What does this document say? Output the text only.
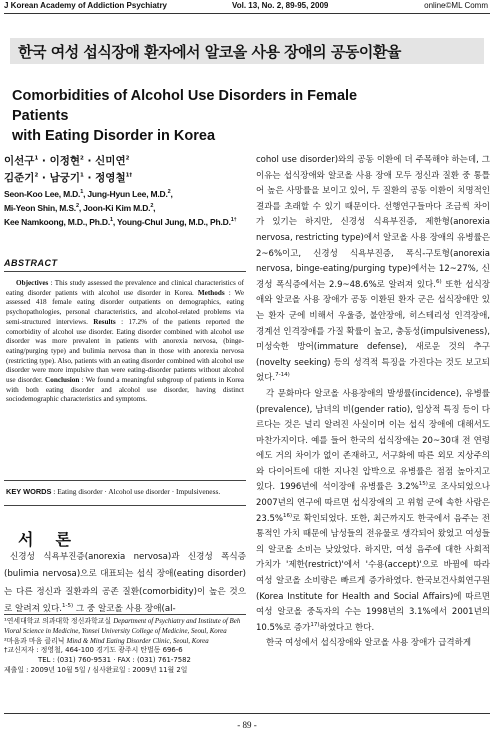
J Korean Academy of Addiction Psychiatry	Vol. 13, No. 2, 89-95, 2009	online©ML Comm
한국 여성 섭식장애 환자에서 알코올 사용 장애의 공동이환율
Comorbidities of Alcohol Use Disorders in Female Patients
with Eating Disorder in Korea
이선구$^1$ · 이정현$^2$ · 신미연$^2$
김준기$^2$ · 남궁기$^1$ · 정영철$^{1\dagger}$
Seon-Koo Lee, M.D.$^1$, Jung-Hyun Lee, M.D.$^2$,
Mi-Yeon Shin, M.S.$^2$, Joon-Ki Kim M.D.$^2$,
Kee Namkoong, M.D., Ph.D.$^1$, Young-Chul Jung, M.D., Ph.D.$^{1\dagger}$
ABSTRACT
Objectives : This study assessed the prevalence and clinical characteristics of eating disorder patients with alcohol use disorder in Korea. Methods : We assessed 418 female eating disorder outpatients on demographics, eating psychopathologies, personal characteristics, and alcohol-related problems via semi-structured interviews. Results : 17.2% of the patients reported the comorbidity of alcohol use disorder. Eating disorder combined with alcohol use disorder was more prevalent in patients with anorexia nervosa, (binge-eating/purging type) and bulimia nervosa than in those with anorexia nervosa (restricting type). Also, patients with an eating disorder combined with alcohol use disorder were more impulsive than were eating-disorder patients without alcohol use disorder. Conclusion : We found a meaningful subgroup of patients in Korea with both eating disorder and alcohol use disorder, having distinct sociodemographic characteristics and symptoms.
KEY WORDS : Eating disorder · Alcohol use disorder · Impulsiveness.
서론
신경성 식욕부진증(anorexia nervosa)과 신경성 폭식증(bulimia nervosa)으로 대표되는 섭식 장애(eating disorder)는 다른 정신과 질환과의 공존 질환(comorbidity)이 높은 것으로 알려져 있다.$^{1-5)}$ 그 중 알코올 사용 장애(al-
¹연세대학교 의과대학 정신과학교실 Department of Psychiatry and Institute of Beh Vioral Science in Medicine, Yonsei University College of Medicine, Seoul, Korea
²마음과 마음 클리닉 Mind & Mind Eating Disorder Clinic, Seoul, Korea
†교신저자 : 정영철, 464-100 경기도 광주시 탄벌동 696-6
TEL : (031) 760-9531 · FAX : (031) 761-7582
제출일 : 2009년 10월 5일 / 심사완료일 : 2009년 11월 2일

cohol use disorder)와의 공동 이환에 더 주목해야 하는데, 그 이유는 섭식장애와 알코올 사용 장애 모두 정신과 질환 중 통틀어 높은 사망률을 보이고 있어, 두 질환의 공동 이환이 치명적인 결과를 초래할 수 있기 때문이다. 선행연구들마다 조금씩 차이가 있기는 하지만, 신경성 식욕부진증, 제한형(anorexia nervosa, restricting type)에서 알코올 사용 장애의 유병률은 2~6%이고, 신경성 식욕부진증, 폭식-구토형(anorexia nervosa, binge-eating/purging type)에서는 12~27%, 신경성 폭식증에서는 2.9~48.6%로 알려져 있다.$^{6)}$ 또한 섭식장애와 알코올 사용 장애가 공동 이환된 환자 군은 섭식장애만 있는 환자 군에 비해서 우울증, 불안장애, 히스테리성 인격장애, 경계선 인격장애를 가질 확률이 높고, 충동성(impulsiveness), 미성숙한 방어(immature defense), 새로운 것의 추구(novelty seeking) 등의 성격적 특징을 가진다는 것도 보고되었다.$^{7-14)}$

각 문화마다 알코올 사용장애의 발생률(incidence), 유병률(prevalence), 남녀의 비(gender ratio), 임상적 특징 등이 다르다는 것은 널리 알려진 사실이며 이는 섭식 장애에 대해서도 마찬가지이다. 예를 들어 한국의 섭식장애는 20~30대 전 연령에도 거의 차이가 없이 존재하고, 서구화에 따른 외모 지상주의와 다이어트에 대한 지나친 압박으로 유병률은 점점 높아지고 있다. 1996년에 석이장애 유병률은 3.2%$^{15)}$로 조사되었으나 2007년의 연구에 따르면 섭식장애의 고 위험 군에 속한 사람은 23.5%$^{16)}$로 확인되었다. 또한, 최근까지도 한국에서 음주는 전통적인 가치 때문에 남성들의 전유물로 생각되어 왔었고 여성들의 알코올 소비는 낮았었다. 하지만, 여성 음주에 대한 사회적 가치가 '제한(restrict)'에서 '수용(accept)'으로 바뀜에 따라 여성 알코올 소비량은 빠르게 증가하였다. 한국보건사회연구원(Korea Institute for Health and Social Affairs)에 따르면 여성 알코올 중독자의 수는 1998년의 3.1%에서 2001년의 10.5%로 증가$^{17)}$하였다고 한다.

한국 여성에서 섭식장애와 알코올 사용 장애가 급격하게

- 89 -
